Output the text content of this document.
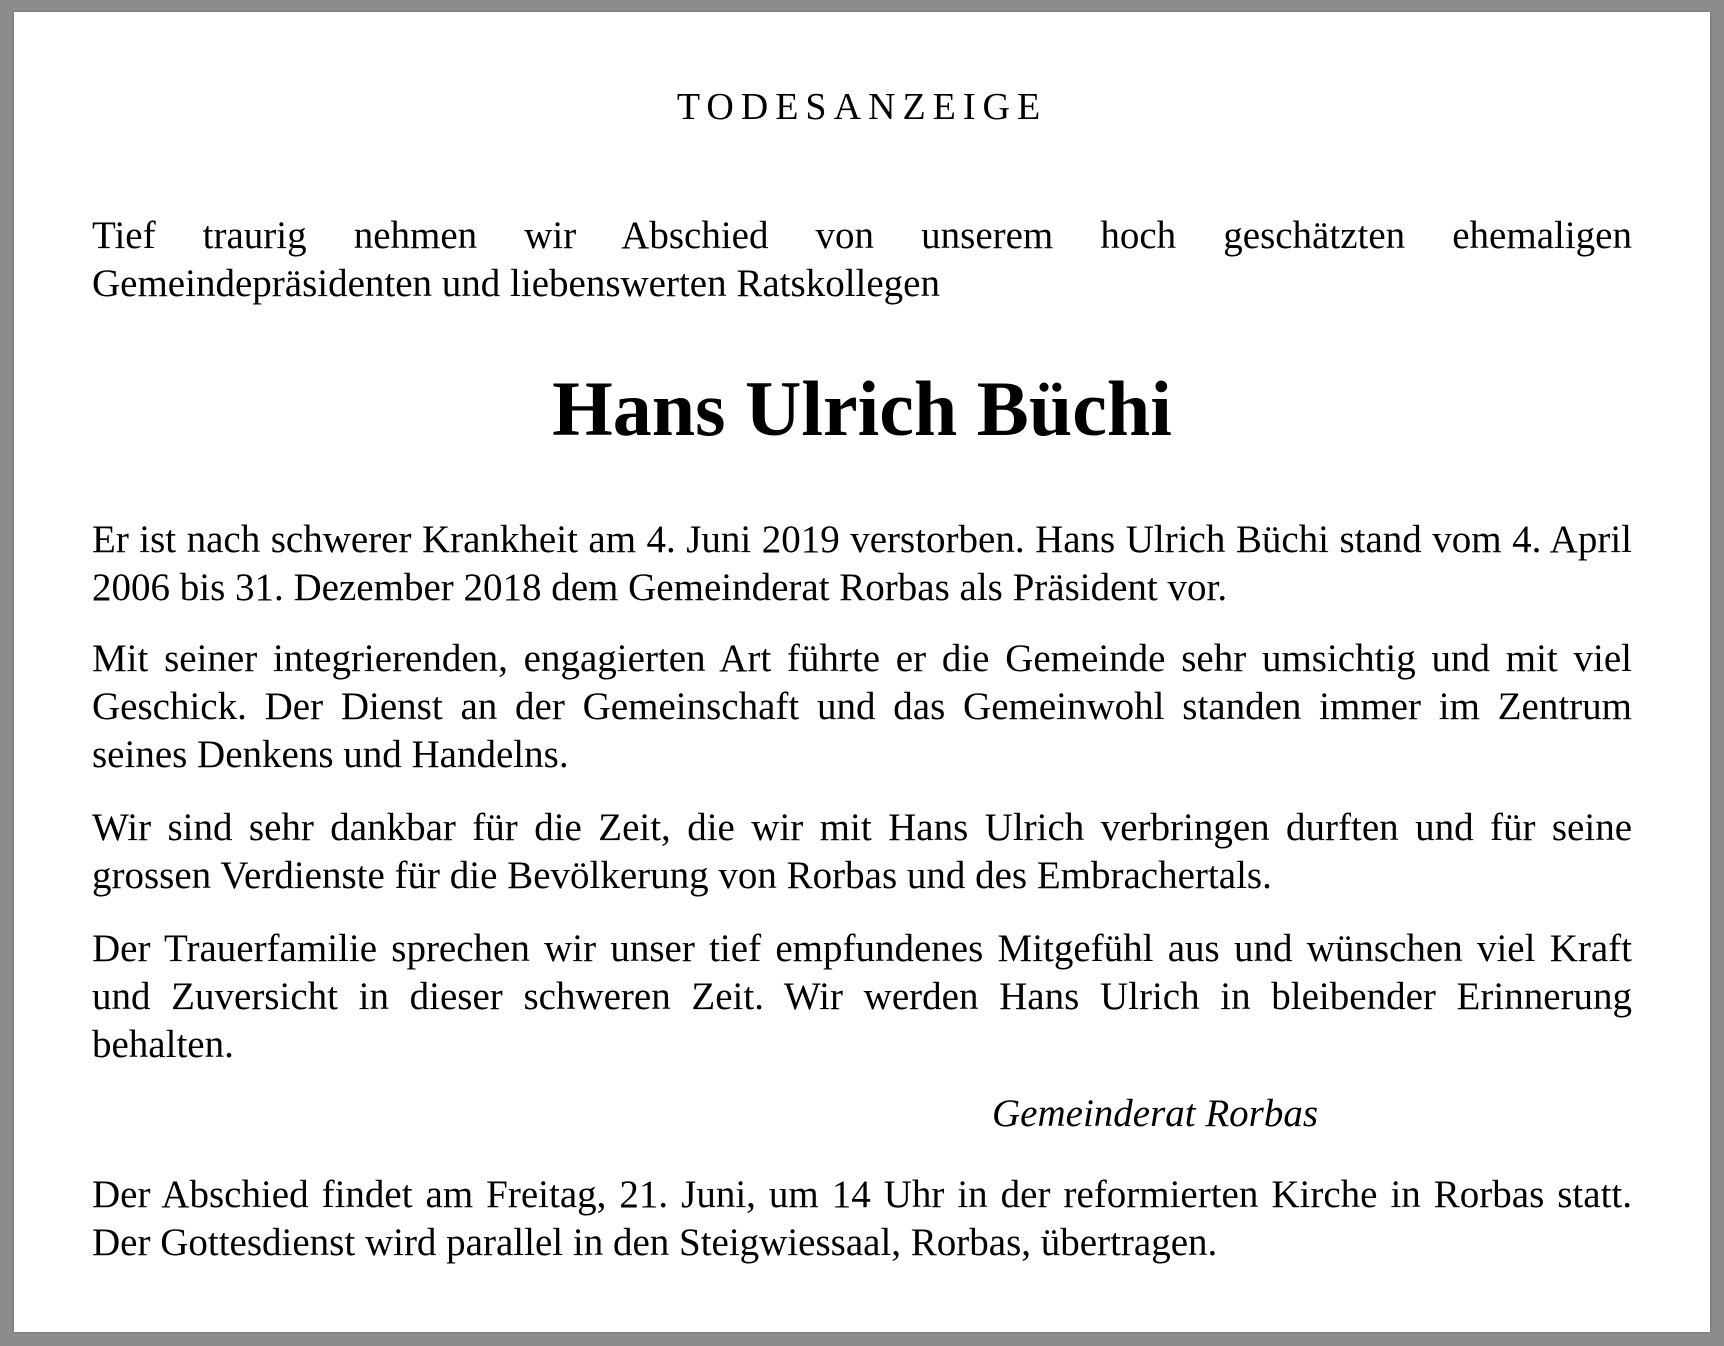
TODESANZEIGE

Tief traurig nehmen wir Abschied von unserem hoch geschätzten ehemaligen Gemeindepräsidenten und liebenswerten Ratskollegen

Hans Ulrich Büchi

Er ist nach schwerer Krankheit am 4. Juni 2019 verstorben. Hans Ulrich Büchi stand vom 4. April 2006 bis 31. Dezember 2018 dem Gemeinderat Rorbas als Präsident vor.

Mit seiner integrierenden, engagierten Art führte er die Gemeinde sehr umsichtig und mit viel Geschick. Der Dienst an der Gemeinschaft und das Gemeinwohl standen immer im Zentrum seines Denkens und Handelns.

Wir sind sehr dankbar für die Zeit, die wir mit Hans Ulrich verbringen durften und für seine grossen Verdienste für die Bevölkerung von Rorbas und des Embrachertals.

Der Trauerfamilie sprechen wir unser tief empfundenes Mitgefühl aus und wünschen viel Kraft und Zuversicht in dieser schweren Zeit. Wir werden Hans Ulrich in bleibender Erinnerung behalten.

Gemeinderat Rorbas

Der Abschied findet am Freitag, 21. Juni, um 14 Uhr in der reformierten Kirche in Rorbas statt. Der Gottesdienst wird parallel in den Steigwiessaal, Rorbas, übertragen.
